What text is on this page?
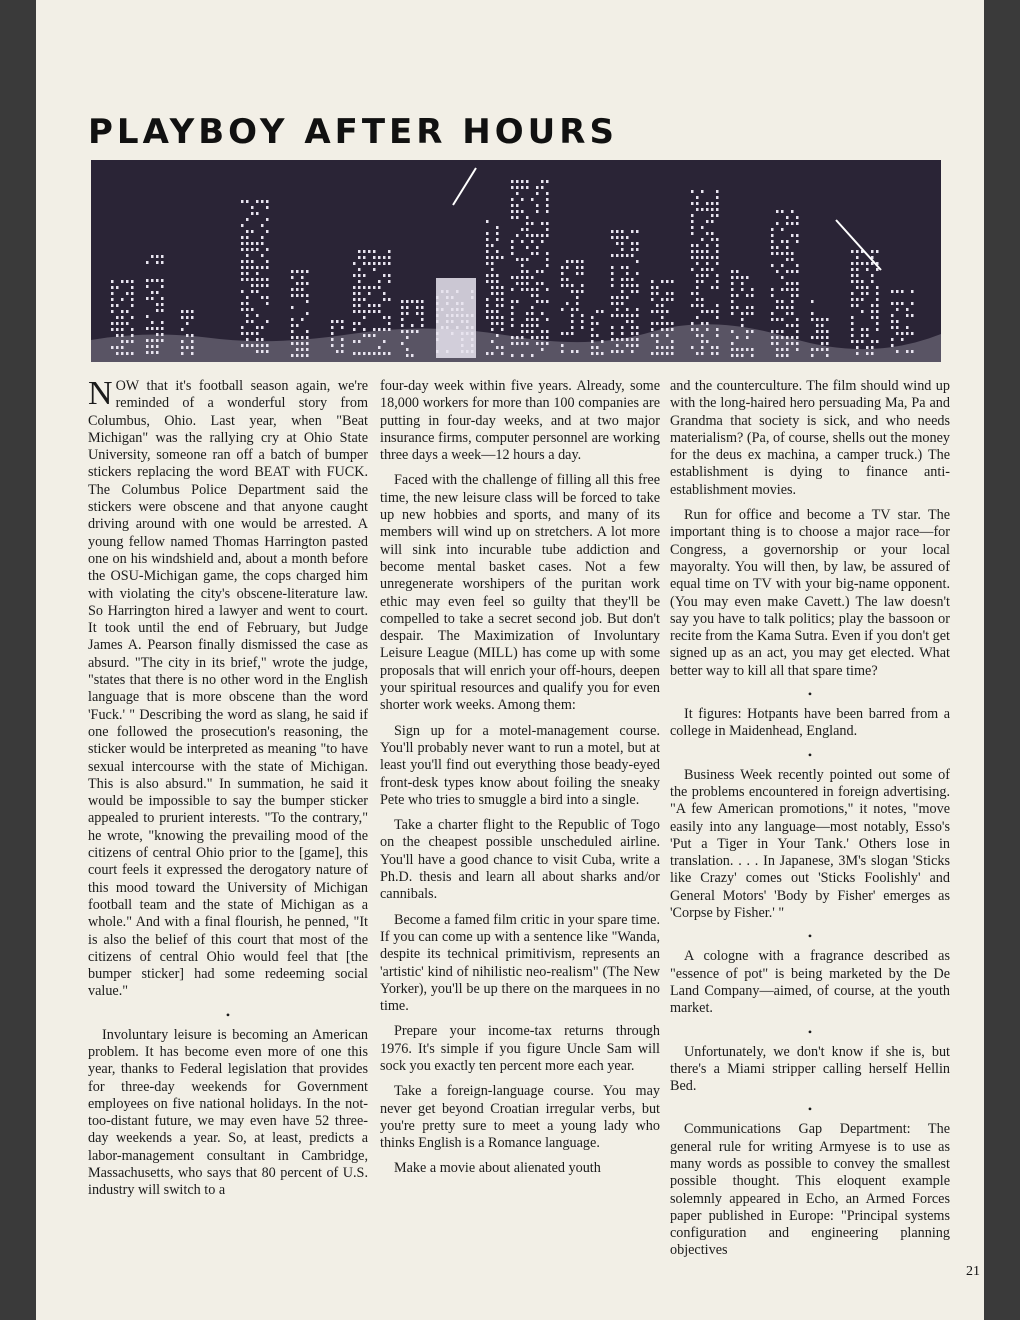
PLAYBOY AFTER HOURS

NOW that it's football season again, we're reminded of a wonderful story from Columbus, Ohio. Last year, when "Beat Michigan" was the rallying cry at Ohio State University, someone ran off a batch of bumper stickers replacing the word BEAT with FUCK. The Columbus Police Department said the stickers were obscene and that anyone caught driving around with one would be arrested. A young fellow named Thomas Harrington pasted one on his windshield and, about a month before the OSU-Michigan game, the cops charged him with violating the city's obscene-literature law. So Harrington hired a lawyer and went to court. It took until the end of February, but Judge James A. Pearson finally dismissed the case as absurd. "The city in its brief," wrote the judge, "states that there is no other word in the English language that is more obscene than the word 'Fuck.' " Describing the word as slang, he said if one followed the prosecution's reasoning, the sticker would be interpreted as meaning "to have sexual intercourse with the state of Michigan. This is also absurd." In summation, he said it would be impossible to say the bumper sticker appealed to prurient interests. "To the contrary," he wrote, "knowing the prevailing mood of the citizens of central Ohio prior to the [game], this court feels it expressed the derogatory nature of this mood toward the University of Michigan football team and the state of Michigan as a whole." And with a final flourish, he penned, "It is also the belief of this court that most of the citizens of central Ohio would feel that [the bumper sticker] had some redeeming social value."

•

Involuntary leisure is becoming an American problem. It has become even more of one this year, thanks to Federal legislation that provides for three-day weekends for Government employees on five national holidays. In the not-too-distant future, we may even have 52 three-day weekends a year. So, at least, predicts a labor-management consultant in Cambridge, Massachusetts, who says that 80 percent of U.S. industry will switch to a

four-day week within five years. Already, some 18,000 workers for more than 100 companies are putting in four-day weeks, and at two major insurance firms, computer personnel are working three days a week—12 hours a day.

Faced with the challenge of filling all this free time, the new leisure class will be forced to take up new hobbies and sports, and many of its members will wind up on stretchers. A lot more will sink into incurable tube addiction and become mental basket cases. Not a few unregenerate worshipers of the puritan work ethic may even feel so guilty that they'll be compelled to take a secret second job. But don't despair. The Maximization of Involuntary Leisure League (MILL) has come up with some proposals that will enrich your off-hours, deepen your spiritual resources and qualify you for even shorter work weeks. Among them:

Sign up for a motel-management course. You'll probably never want to run a motel, but at least you'll find out everything those beady-eyed front-desk types know about foiling the sneaky Pete who tries to smuggle a bird into a single.

Take a charter flight to the Republic of Togo on the cheapest possible unscheduled airline. You'll have a good chance to visit Cuba, write a Ph.D. thesis and learn all about sharks and/or cannibals.

Become a famed film critic in your spare time. If you can come up with a sentence like "Wanda, despite its technical primitivism, represents an 'artistic' kind of nihilistic neo-realism" (The New Yorker), you'll be up there on the marquees in no time.

Prepare your income-tax returns through 1976. It's simple if you figure Uncle Sam will sock you exactly ten percent more each year.

Take a foreign-language course. You may never get beyond Croatian irregular verbs, but you're pretty sure to meet a young lady who thinks English is a Romance language.

Make a movie about alienated youth

and the counterculture. The film should wind up with the long-haired hero persuading Ma, Pa and Grandma that society is sick, and who needs materialism? (Pa, of course, shells out the money for the deus ex machina, a camper truck.) The establishment is dying to finance anti-establishment movies.

Run for office and become a TV star. The important thing is to choose a major race—for Congress, a governorship or your local mayoralty. You will then, by law, be assured of equal time on TV with your big-name opponent. (You may even make Cavett.) The law doesn't say you have to talk politics; play the bassoon or recite from the Kama Sutra. Even if you don't get signed up as an act, you may get elected. What better way to kill all that spare time?

•

It figures: Hotpants have been barred from a college in Maidenhead, England.

•

Business Week recently pointed out some of the problems encountered in foreign advertising. "A few American promotions," it notes, "move easily into any language—most notably, Esso's 'Put a Tiger in Your Tank.' Others lose in translation. . . . In Japanese, 3M's slogan 'Sticks like Crazy' comes out 'Sticks Foolishly' and General Motors' 'Body by Fisher' emerges as 'Corpse by Fisher.' "

•

A cologne with a fragrance described as "essence of pot" is being marketed by the De Land Company—aimed, of course, at the youth market.

•

Unfortunately, we don't know if she is, but there's a Miami stripper calling herself Hellin Bed.

•

Communications Gap Department: The general rule for writing Armyese is to use as many words as possible to convey the smallest possible thought. This eloquent example solemnly appeared in Echo, an Armed Forces paper published in Europe: "Principal systems configuration and engineering planning objectives

21
